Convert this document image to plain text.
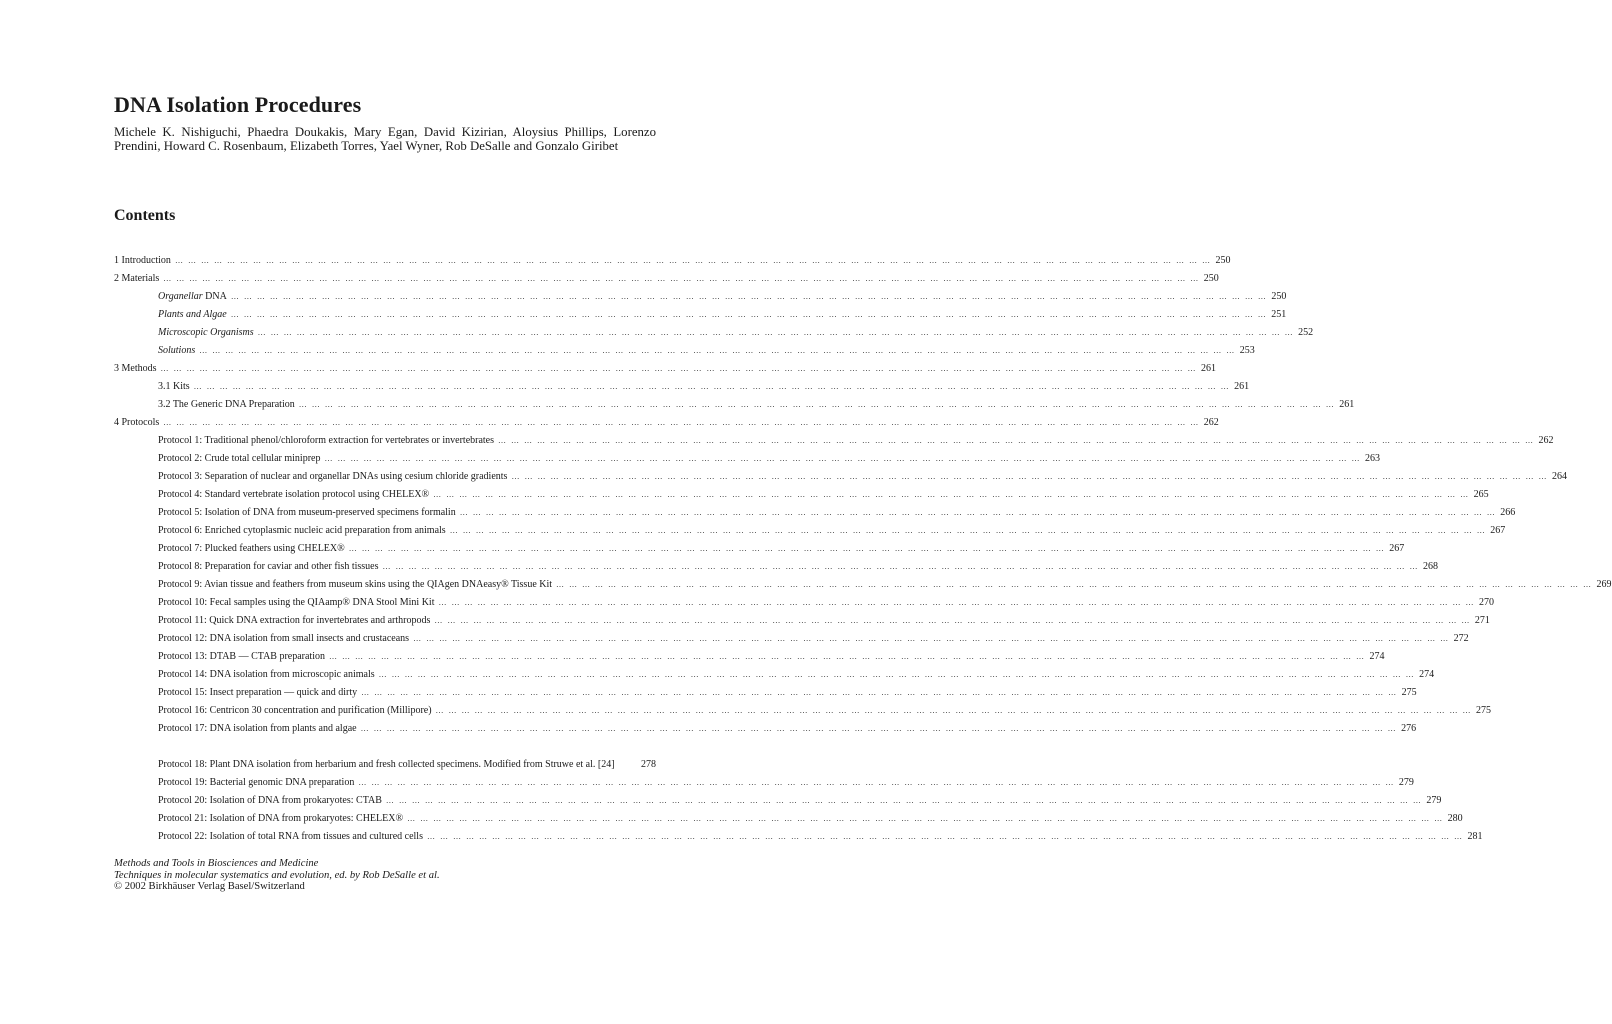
DNA Isolation Procedures
Michele K. Nishiguchi, Phaedra Doukakis, Mary Egan, David Kizirian, Aloysius Phillips, Lorenzo Prendini, Howard C. Rosenbaum, Elizabeth Torres, Yael Wyner, Rob DeSalle and Gonzalo Giribet
Contents
1 Introduction … … … … … … … … … … … … … … … … … … … … … … … … … … … … … … … … … … … … … … … … … … … … … … … … … … … … … … … … … … … … … … … … … … … … … … … … … … … … … … … … 250
2 Materials … … … … … … … … … … … … … … … … … … … … … … … … … … … … … … … … … … … … … … … … … … … … … … … … … … … … … … … … … … … … … … … … … … … … … … … … … … … … … … … … 250
Organellar DNA … … … … … … … … … … … … … … … … … … … … … … … … … … … … … … … … … … … … … … … … … … … … … … … … … … … … … … … … … … … … … … … … … … … … … … … … … … … … … … … … 250
Plants and Algae … … … … … … … … … … … … … … … … … … … … … … … … … … … … … … … … … … … … … … … … … … … … … … … … … … … … … … … … … … … … … … … … … … … … … … … … … … … … … … … … 251
Microscopic Organisms … … … … … … … … … … … … … … … … … … … … … … … … … … … … … … … … … … … … … … … … … … … … … … … … … … … … … … … … … … … … … … … … … … … … … … … … … … … … … … … … 252
Solutions … … … … … … … … … … … … … … … … … … … … … … … … … … … … … … … … … … … … … … … … … … … … … … … … … … … … … … … … … … … … … … … … … … … … … … … … … … … … … … … … 253
3 Methods … … … … … … … … … … … … … … … … … … … … … … … … … … … … … … … … … … … … … … … … … … … … … … … … … … … … … … … … … … … … … … … … … … … … … … … … … … … … … … … … 261
3.1 Kits … … … … … … … … … … … … … … … … … … … … … … … … … … … … … … … … … … … … … … … … … … … … … … … … … … … … … … … … … … … … … … … … … … … … … … … … … … … … … … … … 261
3.2 The Generic DNA Preparation … … … … … … … … … … … … … … … … … … … … … … … … … … … … … … … … … … … … … … … … … … … … … … … … … … … … … … … … … … … … … … … … … … … … … … … … … … … … … … … … 261
4 Protocols … … … … … … … … … … … … … … … … … … … … … … … … … … … … … … … … … … … … … … … … … … … … … … … … … … … … … … … … … … … … … … … … … … … … … … … … … … … … … … … … 262
Protocol 1: Traditional phenol/chloroform extraction for vertebrates or invertebrates … … … … … … … … … … … … … … … … … … … … … … … … … … … … … … … … … … … … … … … … … … … … … … … … … … … … … … … … … … … … … … … … … … … … … … … … … … … … … … … … 262
Protocol 2: Crude total cellular miniprep … … … … … … … … … … … … … … … … … … … … … … … … … … … … … … … … … … … … … … … … … … … … … … … … … … … … … … … … … … … … … … … … … … … … … … … … … … … … … … … … 263
Protocol 3: Separation of nuclear and organellar DNAs using cesium chloride gradients … … … … … … … … … … … … … … … … … … … … … … … … … … … … … … … … … … … … … … … … … … … … … … … … … … … … … … … … … … … … … … … … … … … … … … … … … … … … … … … … 264
Protocol 4: Standard vertebrate isolation protocol using CHELEX® … … … … … … … … … … … … … … … … … … … … … … … … … … … … … … … … … … … … … … … … … … … … … … … … … … … … … … … … … … … … … … … … … … … … … … … … … … … … … … … … 265
Protocol 5: Isolation of DNA from museum-preserved specimens formalin … … … … … … … … … … … … … … … … … … … … … … … … … … … … … … … … … … … … … … … … … … … … … … … … … … … … … … … … … … … … … … … … … … … … … … … … … … … … … … … … 266
Protocol 6: Enriched cytoplasmic nucleic acid preparation from animals … … … … … … … … … … … … … … … … … … … … … … … … … … … … … … … … … … … … … … … … … … … … … … … … … … … … … … … … … … … … … … … … … … … … … … … … … … … … … … … … 267
Protocol 7: Plucked feathers using CHELEX® … … … … … … … … … … … … … … … … … … … … … … … … … … … … … … … … … … … … … … … … … … … … … … … … … … … … … … … … … … … … … … … … … … … … … … … … … … … … … … … … 267
Protocol 8: Preparation for caviar and other fish tissues … … … … … … … … … … … … … … … … … … … … … … … … … … … … … … … … … … … … … … … … … … … … … … … … … … … … … … … … … … … … … … … … … … … … … … … … … … … … … … … … 268
Protocol 9: Avian tissue and feathers from museum skins using the QIAgen DNAeasy® Tissue Kit … … … … … … … … … … … … … … … … … … … … … … … … … … … … … … … … … … … … … … … … … … … … … … … … … … … … … … … … … … … … … … … … … … … … … … … … … … … … … … … … 269
Protocol 10: Fecal samples using the QIAamp® DNA Stool Mini Kit … … … … … … … … … … … … … … … … … … … … … … … … … … … … … … … … … … … … … … … … … … … … … … … … … … … … … … … … … … … … … … … … … … … … … … … … … … … … … … … … 270
Protocol 11: Quick DNA extraction for invertebrates and arthropods … … … … … … … … … … … … … … … … … … … … … … … … … … … … … … … … … … … … … … … … … … … … … … … … … … … … … … … … … … … … … … … … … … … … … … … … … … … … … … … … 271
Protocol 12: DNA isolation from small insects and crustaceans … … … … … … … … … … … … … … … … … … … … … … … … … … … … … … … … … … … … … … … … … … … … … … … … … … … … … … … … … … … … … … … … … … … … … … … … … … … … … … … … 272
Protocol 13: DTAB — CTAB preparation … … … … … … … … … … … … … … … … … … … … … … … … … … … … … … … … … … … … … … … … … … … … … … … … … … … … … … … … … … … … … … … … … … … … … … … … … … … … … … … … 274
Protocol 14: DNA isolation from microscopic animals … … … … … … … … … … … … … … … … … … … … … … … … … … … … … … … … … … … … … … … … … … … … … … … … … … … … … … … … … … … … … … … … … … … … … … … … … … … … … … … … 274
Protocol 15: Insect preparation — quick and dirty … … … … … … … … … … … … … … … … … … … … … … … … … … … … … … … … … … … … … … … … … … … … … … … … … … … … … … … … … … … … … … … … … … … … … … … … … … … … … … … … 275
Protocol 16: Centricon 30 concentration and purification (Millipore) … … … … … … … … … … … … … … … … … … … … … … … … … … … … … … … … … … … … … … … … … … … … … … … … … … … … … … … … … … … … … … … … … … … … … … … … … … … … … … … … 275
Protocol 17: DNA isolation from plants and algae … … … … … … … … … … … … … … … … … … … … … … … … … … … … … … … … … … … … … … … … … … … … … … … … … … … … … … … … … … … … … … … … … … … … … … … … … … … … … … … … 276
Protocol 18: Plant DNA isolation from herbarium and fresh collected specimens. Modified from Struwe et al. [24]	278
Protocol 19: Bacterial genomic DNA preparation … … … … … … … … … … … … … … … … … … … … … … … … … … … … … … … … … … … … … … … … … … … … … … … … … … … … … … … … … … … … … … … … … … … … … … … … … … … … … … … … 279
Protocol 20: Isolation of DNA from prokaryotes: CTAB … … … … … … … … … … … … … … … … … … … … … … … … … … … … … … … … … … … … … … … … … … … … … … … … … … … … … … … … … … … … … … … … … … … … … … … … … … … … … … … … 279
Protocol 21: Isolation of DNA from prokaryotes: CHELEX® … … … … … … … … … … … … … … … … … … … … … … … … … … … … … … … … … … … … … … … … … … … … … … … … … … … … … … … … … … … … … … … … … … … … … … … … … … … … … … … … 280
Protocol 22: Isolation of total RNA from tissues and cultured cells … … … … … … … … … … … … … … … … … … … … … … … … … … … … … … … … … … … … … … … … … … … … … … … … … … … … … … … … … … … … … … … … … … … … … … … … … … … … … … … … 281
Methods and Tools in Biosciences and Medicine
Techniques in molecular systematics and evolution, ed. by Rob DeSalle et al.
© 2002 Birkhäuser Verlag Basel/Switzerland
